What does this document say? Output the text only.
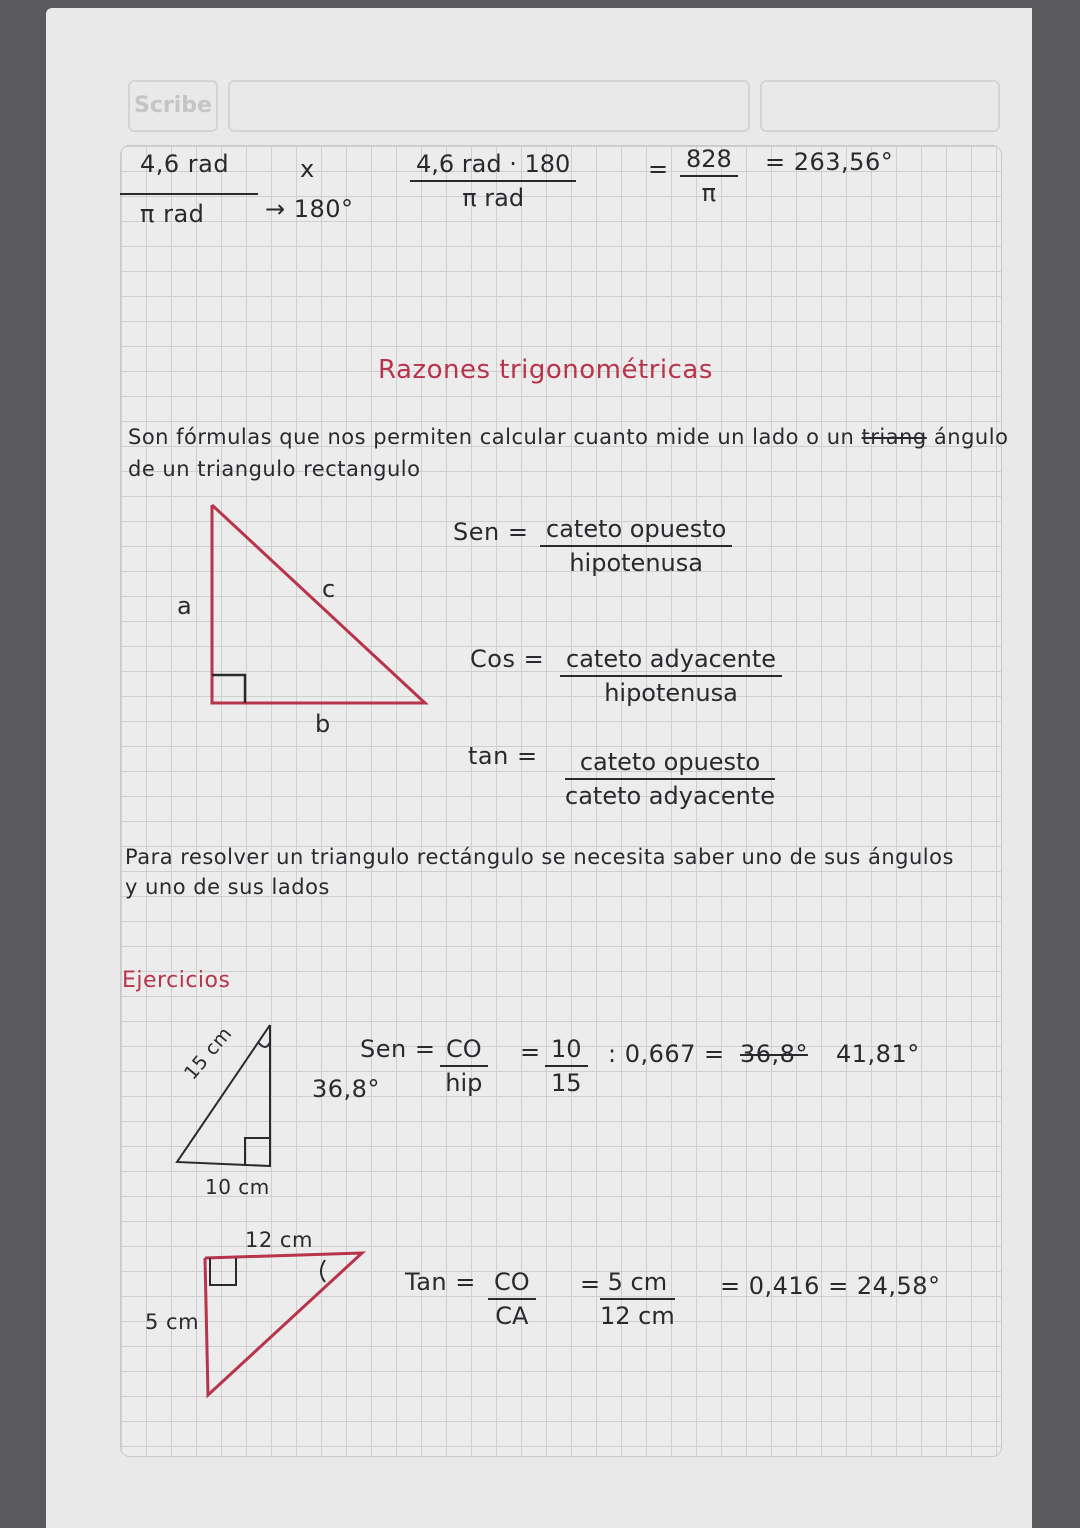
Scribe
4,6 rad
π rad
x
→ 180°
4,6 rad · 180
π rad
= $\frac{828}{\pi} = 263,56^\circ$
Razones trigonométricas
Son fórmulas que nos permiten calcular cuanto mide un lado o un triang ángulo
de un triangulo rectangulo
a
c
b
Sen = cateto opuesto
hipotenusa
Cos = cateto adyacente
hipotenusa
tan =	cateto opuesto
cateto adyacente
Para resolver un triangulo rectángulo se necesita saber uno de sus ángulos
y uno de sus lados
Ejercicios
15 cm
10 cm
36,8°
Sen = CO
hip
= $\frac{10}{15}$ : 0,667 = 36,8° 41,81°
12 cm
5 cm
Tan = $\frac{CO}{CA} = \frac{5 cm}{12 cm} = 0,416 = 24,58^\circ$
